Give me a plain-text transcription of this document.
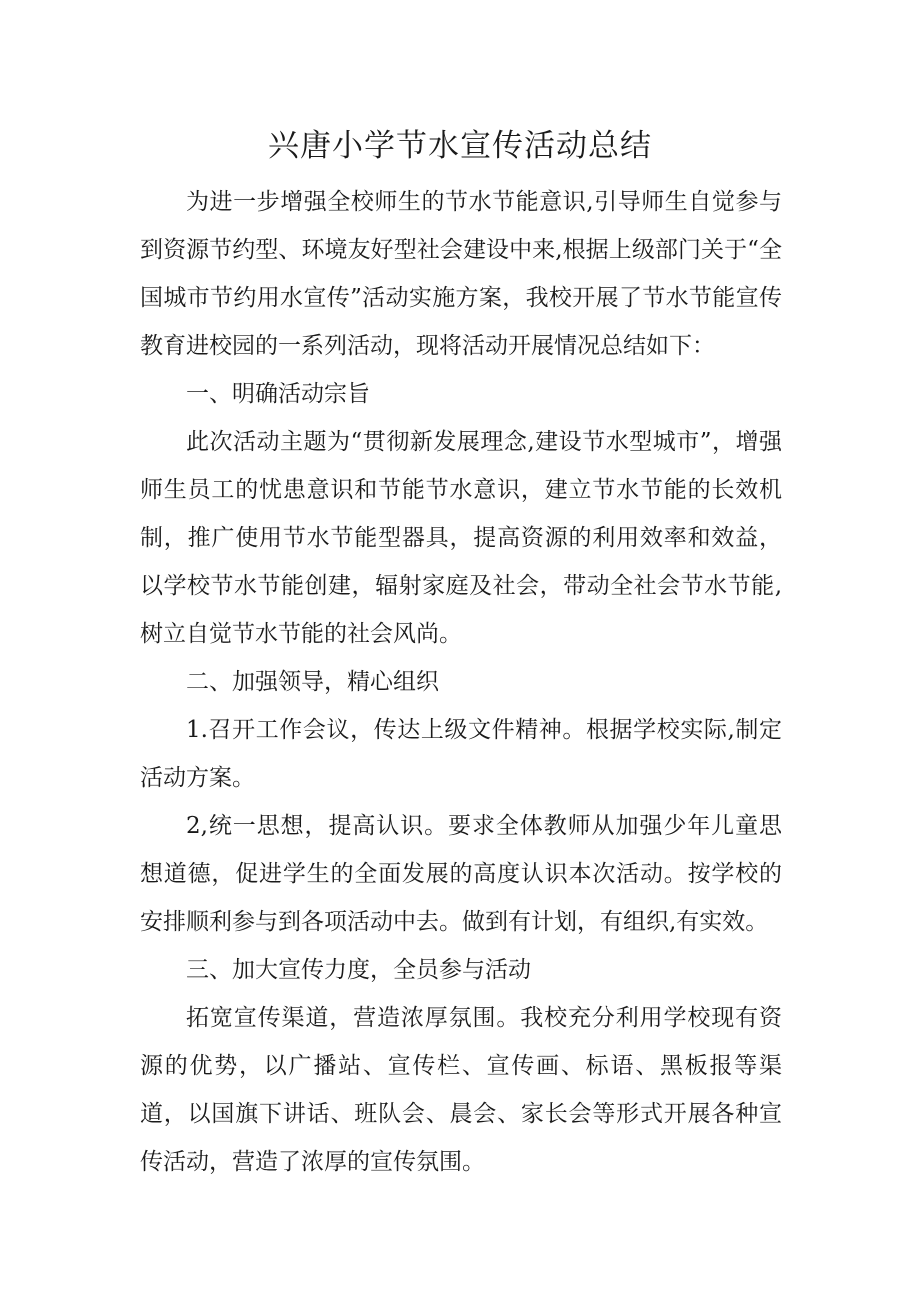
兴唐小学节水宣传活动总结

为进一步增强全校师生的节水节能意识,引导师生自觉参与到资源节约型、环境友好型社会建设中来,根据上级部门关于“全国城市节约用水宣传”活动实施方案，我校开展了节水节能宣传教育进校园的一系列活动，现将活动开展情况总结如下：

一、明确活动宗旨

此次活动主题为“贯彻新发展理念,建设节水型城市”，增强师生员工的忧患意识和节能节水意识，建立节水节能的长效机制，推广使用节水节能型器具，提高资源的利用效率和效益，以学校节水节能创建，辐射家庭及社会，带动全社会节水节能,树立自觉节水节能的社会风尚。

二、加强领导，精心组织

1.召开工作会议，传达上级文件精神。根据学校实际,制定活动方案。

2,统一思想，提高认识。要求全体教师从加强少年儿童思想道德，促进学生的全面发展的高度认识本次活动。按学校的安排顺利参与到各项活动中去。做到有计划，有组织,有实效。

三、加大宣传力度，全员参与活动

拓宽宣传渠道，营造浓厚氛围。我校充分利用学校现有资源的优势，以广播站、宣传栏、宣传画、标语、黑板报等渠道，以国旗下讲话、班队会、晨会、家长会等形式开展各种宣传活动，营造了浓厚的宣传氛围。
